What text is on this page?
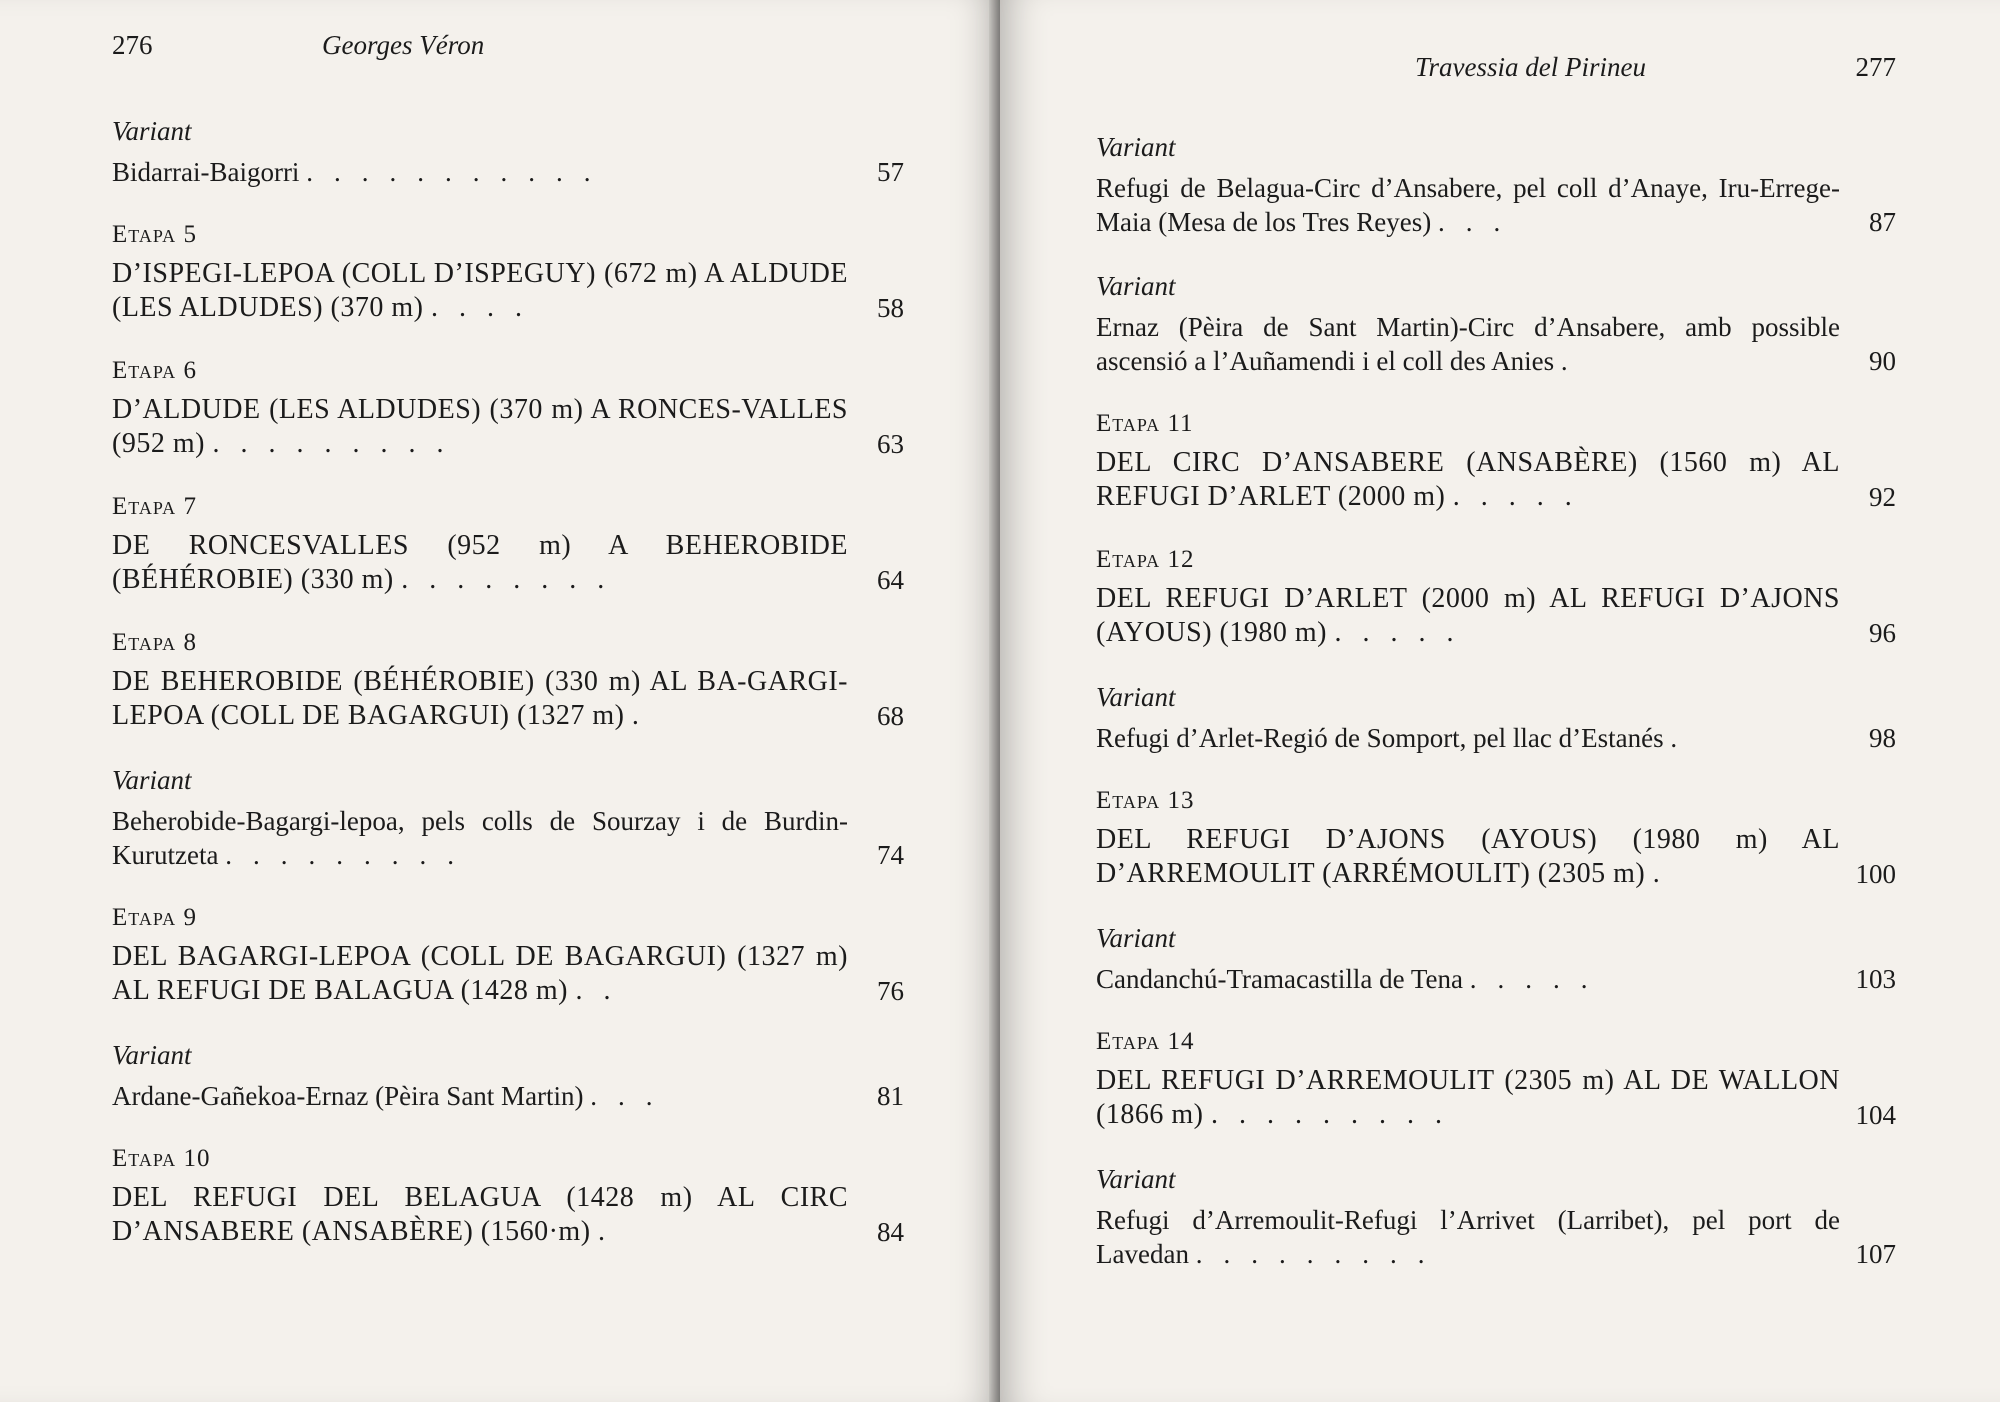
276	Georges Véron
Variant
Bidarrai-Baigorri ...........	57
Etapa 5
D’ISPEGI-LEPOA (COLL D’ISPEGUY) (672 m) A ALDUDE (LES ALDUDES) (370 m) ....	58
Etapa 6
D’ALDUDE (LES ALDUDES) (370 m) A RONCES-VALLES (952 m) .........	63
Etapa 7
DE RONCESVALLES (952 m) A BEHEROBIDE (BÉHÉROBIE) (330 m) ........	64
Etapa 8
DE BEHEROBIDE (BÉHÉROBIE) (330 m) AL BA-GARGI-LEPOA (COLL DE BAGARGUI) (1327 m) .	68
Variant
Beherobide-Bagargi-lepoa, pels colls de Sourzay i de Burdin-Kurutzeta .........	74
Etapa 9
DEL BAGARGI-LEPOA (COLL DE BAGARGUI) (1327 m) AL REFUGI DE BALAGUA (1428 m) ..	76
Variant
Ardane-Gañekoa-Ernaz (Pèira Sant Martin) ...	81
Etapa 10
DEL REFUGI DEL BELAGUA (1428 m) AL CIRC D’ANSABERE (ANSABÈRE) (1560·m) .	84
Travessia del Pirineu	277
Variant
Refugi de Belagua-Circ d’Ansabere, pel coll d’Anaye, Iru-Errege-Maia (Mesa de los Tres Reyes) ...	87
Variant
Ernaz (Pèira de Sant Martin)-Circ d’Ansabere, amb possible ascensió a l’Auñamendi i el coll des Anies .	90
Etapa 11
DEL CIRC D’ANSABERE (ANSABÈRE) (1560 m) AL REFUGI D’ARLET (2000 m) .....	92
Etapa 12
DEL REFUGI D’ARLET (2000 m) AL REFUGI D’AJONS (AYOUS) (1980 m) .....	96
Variant
Refugi d’Arlet-Regió de Somport, pel llac d’Estanés .	98
Etapa 13
DEL REFUGI D’AJONS (AYOUS) (1980 m) AL D’ARREMOULIT (ARRÉMOULIT) (2305 m) .	100
Variant
Candanchú-Tramacastilla de Tena .....	103
Etapa 14
DEL REFUGI D’ARREMOULIT (2305 m) AL DE WALLON (1866 m) .........	104
Variant
Refugi d’Arremoulit-Refugi l’Arrivet (Larribet), pel port de Lavedan .........	107
